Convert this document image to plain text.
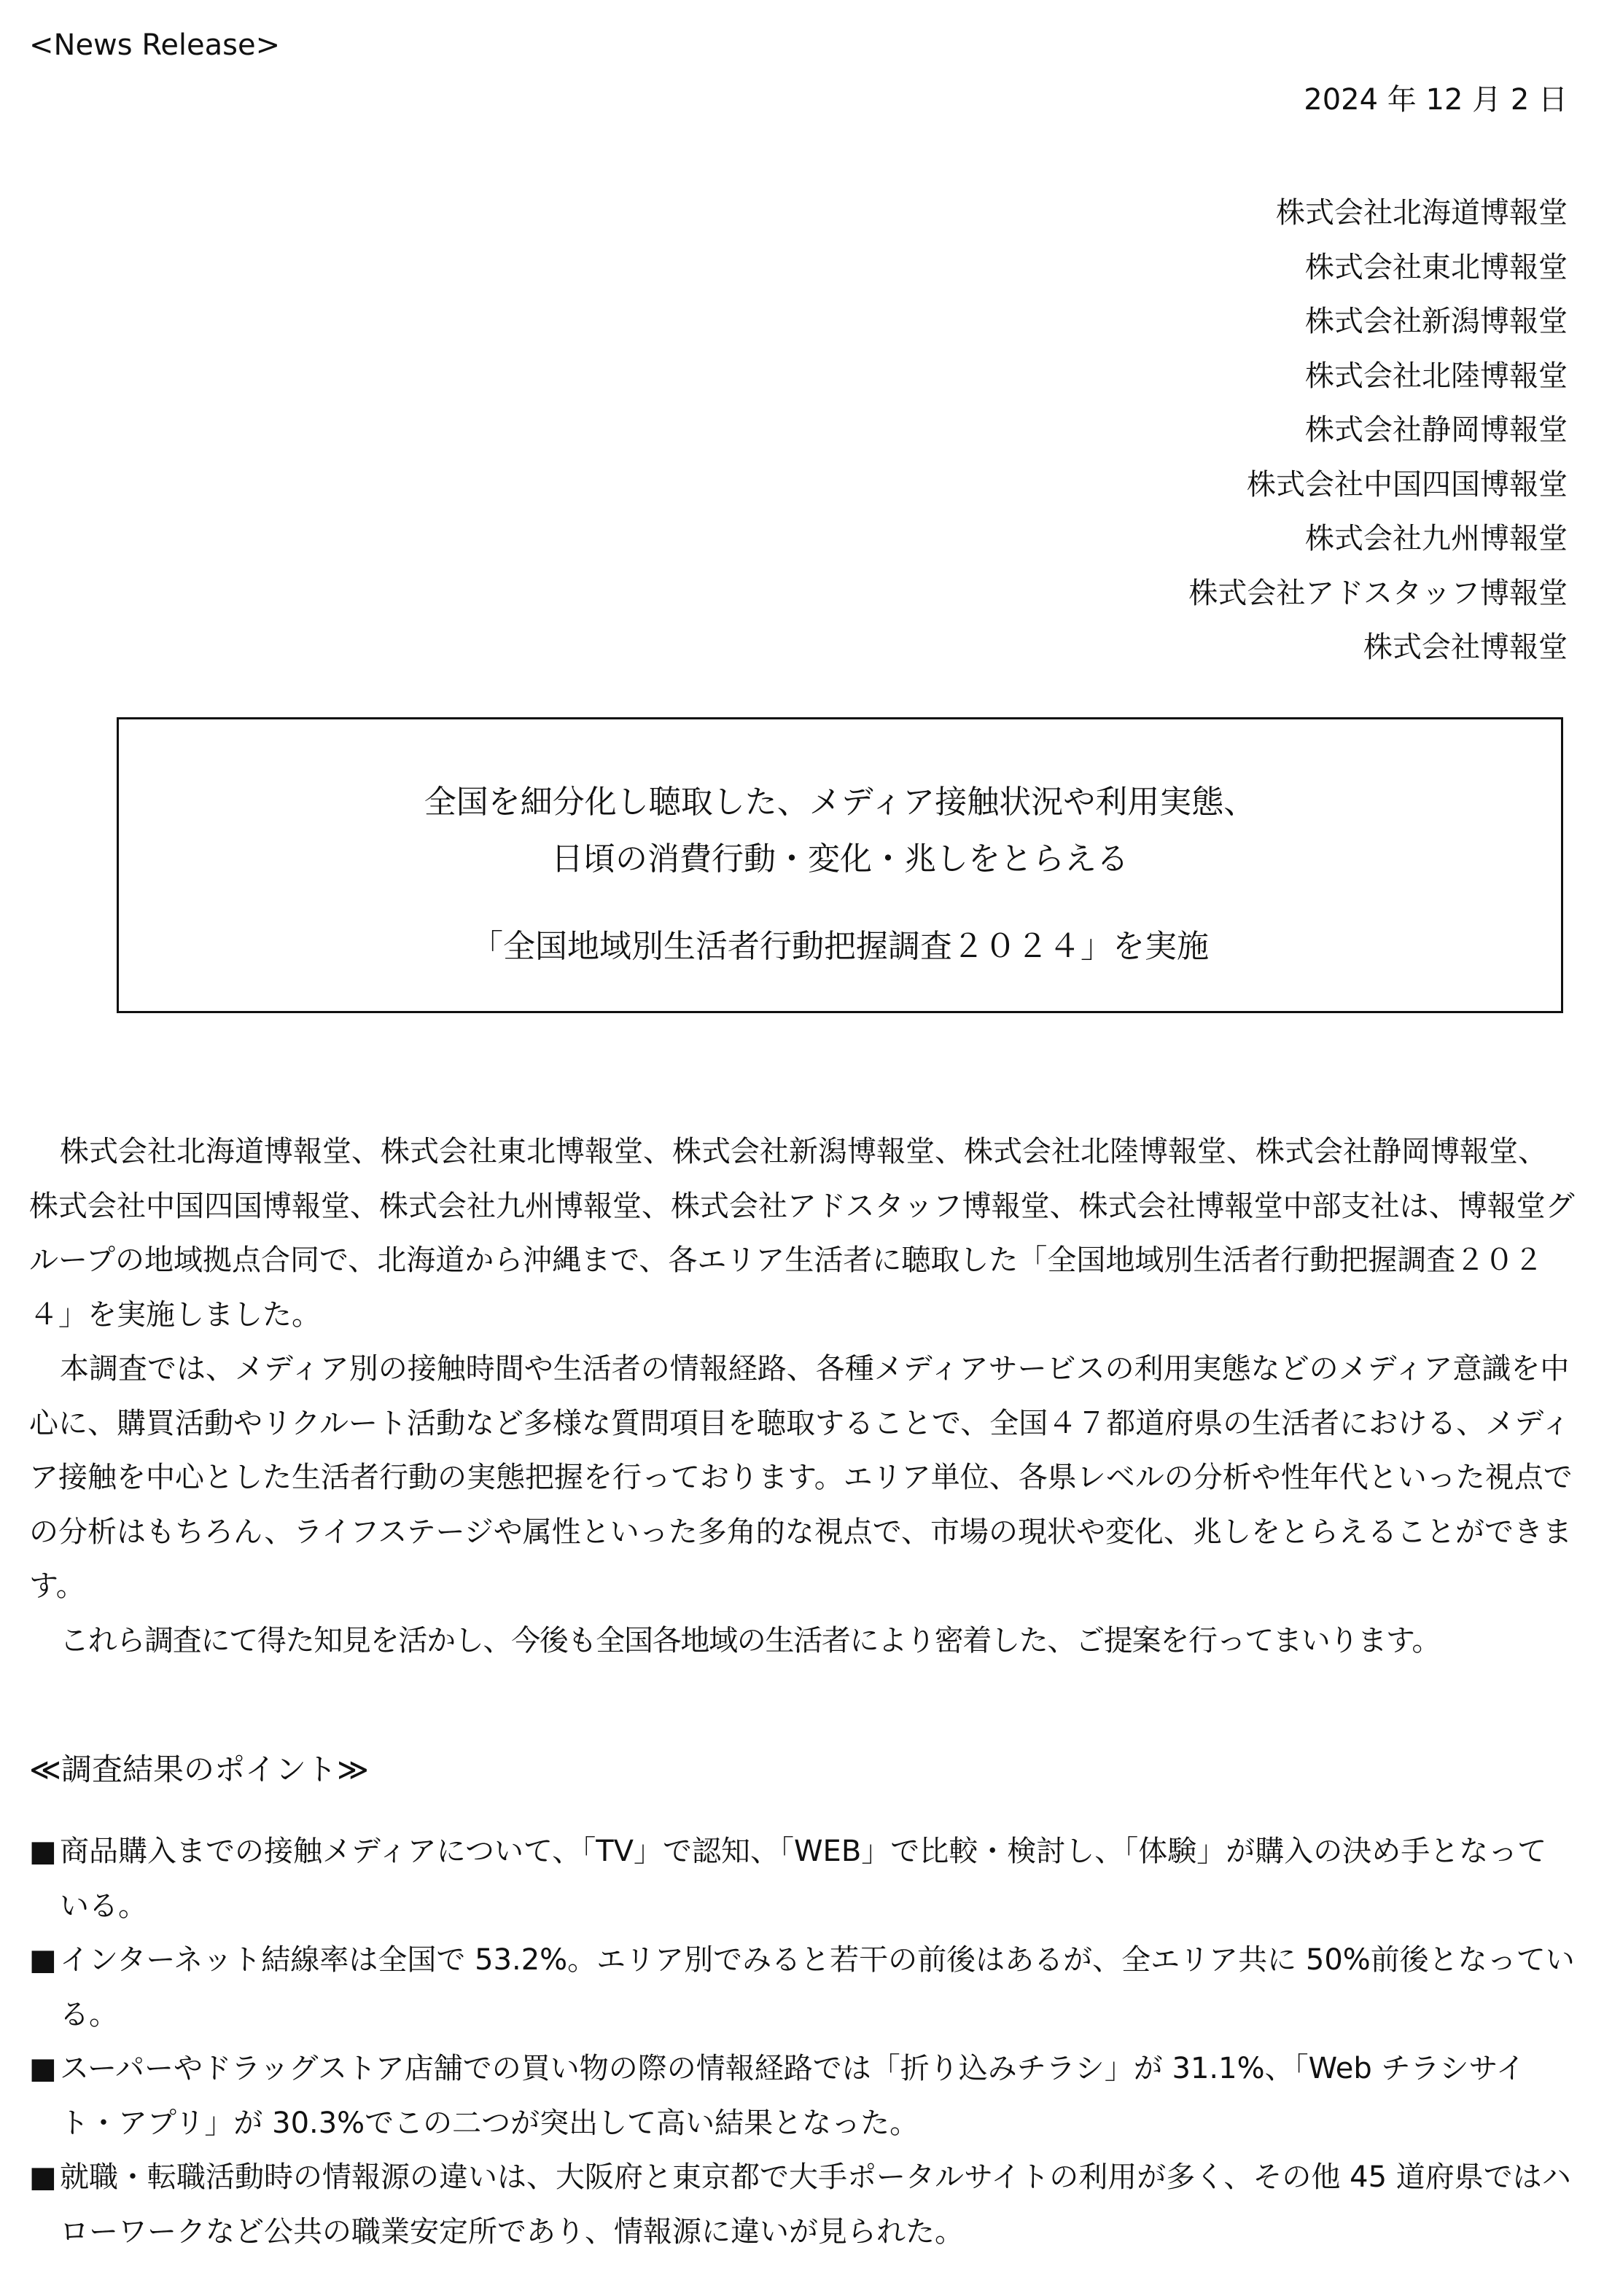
<News Release>
2024 年 12 月 2 日
株式会社北海道博報堂
株式会社東北博報堂
株式会社新潟博報堂
株式会社北陸博報堂
株式会社静岡博報堂
株式会社中国四国博報堂
株式会社九州博報堂
株式会社アドスタッフ博報堂
株式会社博報堂
全国を細分化し聴取した、メディア接触状況や利用実態、
日頃の消費行動・変化・兆しをとらえる
「全国地域別生活者行動把握調査２０２４」を実施

株式会社北海道博報堂、株式会社東北博報堂、株式会社新潟博報堂、株式会社北陸博報堂、株式会社静岡博報堂、株式会社中国四国博報堂、株式会社九州博報堂、株式会社アドスタッフ博報堂、株式会社博報堂中部支社は、博報堂グループの地域拠点合同で、北海道から沖縄まで、各エリア生活者に聴取した「全国地域別生活者行動把握調査２０２４」を実施しました。

本調査では、メディア別の接触時間や生活者の情報経路、各種メディアサービスの利用実態などのメディア意識を中心に、購買活動やリクルート活動など多様な質問項目を聴取することで、全国４７都道府県の生活者における、メディア接触を中心とした生活者行動の実態把握を行っております。エリア単位、各県レベルの分析や性年代といった視点での分析はもちろん、ライフステージや属性といった多角的な視点で、市場の現状や変化、兆しをとらえることができます。

これら調査にて得た知見を活かし、今後も全国各地域の生活者により密着した、ご提案を行ってまいります。

≪調査結果のポイント≫
■ 商品購入までの接触メディアについて、「TV」で認知、「WEB」で比較・検討し、「体験」が購入の決め手となっている。
■ インターネット結線率は全国で 53.2%。エリア別でみると若干の前後はあるが、全エリア共に 50%前後となっている。
■ スーパーやドラッグストア店舗での買い物の際の情報経路では「折り込みチラシ」が 31.1%、「Web チラシサイト・アプリ」が 30.3%でこの二つが突出して高い結果となった。
■ 就職・転職活動時の情報源の違いは、大阪府と東京都で大手ポータルサイトの利用が多く、その他 45 道府県ではハローワークなど公共の職業安定所であり、情報源に違いが見られた。
